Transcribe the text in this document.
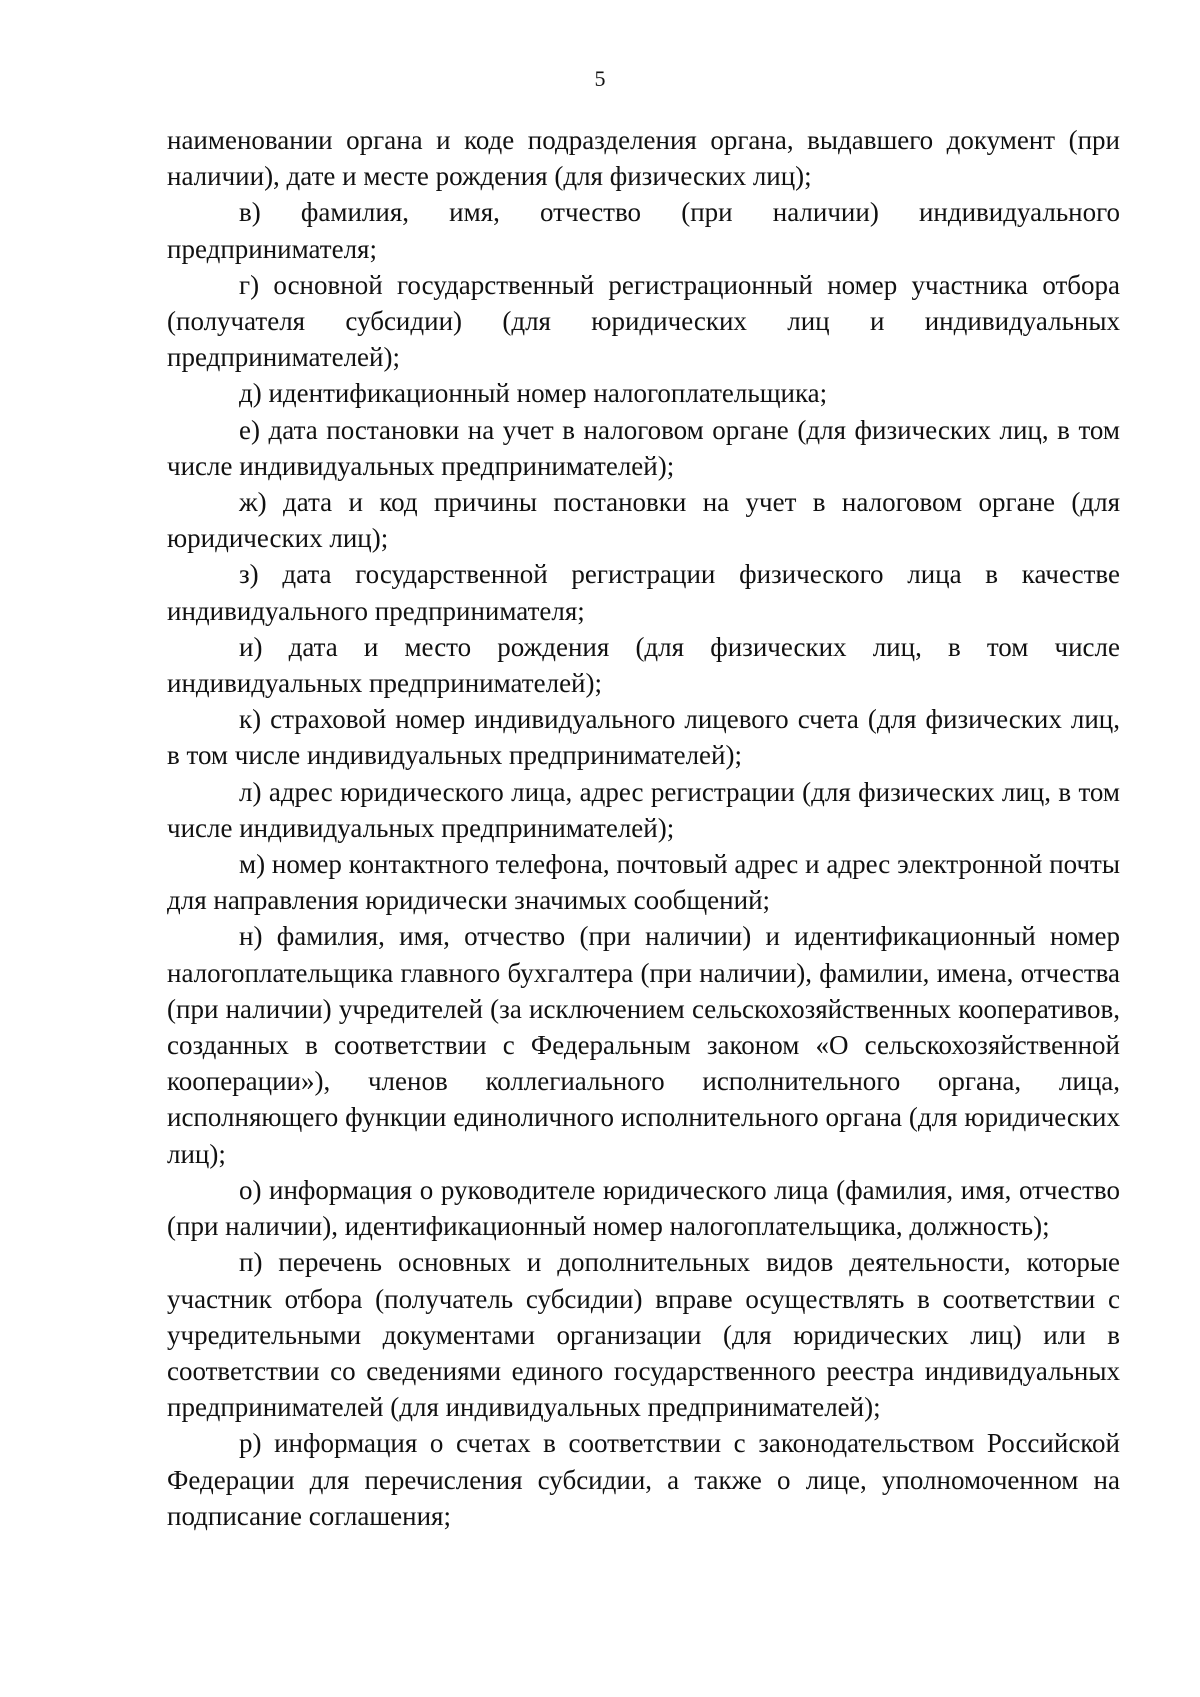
5

наименовании органа и коде подразделения органа, выдавшего документ (при наличии), дате и месте рождения (для физических лиц);

в) фамилия, имя, отчество (при наличии) индивидуального предпринимателя;

г) основной государственный регистрационный номер участника отбора (получателя субсидии) (для юридических лиц и индивидуальных предпринимателей);

д) идентификационный номер налогоплательщика;

е) дата постановки на учет в налоговом органе (для физических лиц, в том числе индивидуальных предпринимателей);

ж) дата и код причины постановки на учет в налоговом органе (для юридических лиц);

з) дата государственной регистрации физического лица в качестве индивидуального предпринимателя;

и) дата и место рождения (для физических лиц, в том числе индивидуальных предпринимателей);

к) страховой номер индивидуального лицевого счета (для физических лиц, в том числе индивидуальных предпринимателей);

л) адрес юридического лица, адрес регистрации (для физических лиц, в том числе индивидуальных предпринимателей);

м) номер контактного телефона, почтовый адрес и адрес электронной почты для направления юридически значимых сообщений;

н) фамилия, имя, отчество (при наличии) и идентификационный номер налогоплательщика главного бухгалтера (при наличии), фамилии, имена, отчества (при наличии) учредителей (за исключением сельскохозяйственных кооперативов, созданных в соответствии с Федеральным законом «О сельскохозяйственной кооперации»), членов коллегиального исполнительного органа, лица, исполняющего функции единоличного исполнительного органа (для юридических лиц);

о) информация о руководителе юридического лица (фамилия, имя, отчество (при наличии), идентификационный номер налогоплательщика, должность);

п) перечень основных и дополнительных видов деятельности, которые участник отбора (получатель субсидии) вправе осуществлять в соответствии с учредительными документами организации (для юридических лиц) или в соответствии со сведениями единого государственного реестра индивидуальных предпринимателей (для индивидуальных предпринимателей);

р) информация о счетах в соответствии с законодательством Российской Федерации для перечисления субсидии, а также о лице, уполномоченном на подписание соглашения;
